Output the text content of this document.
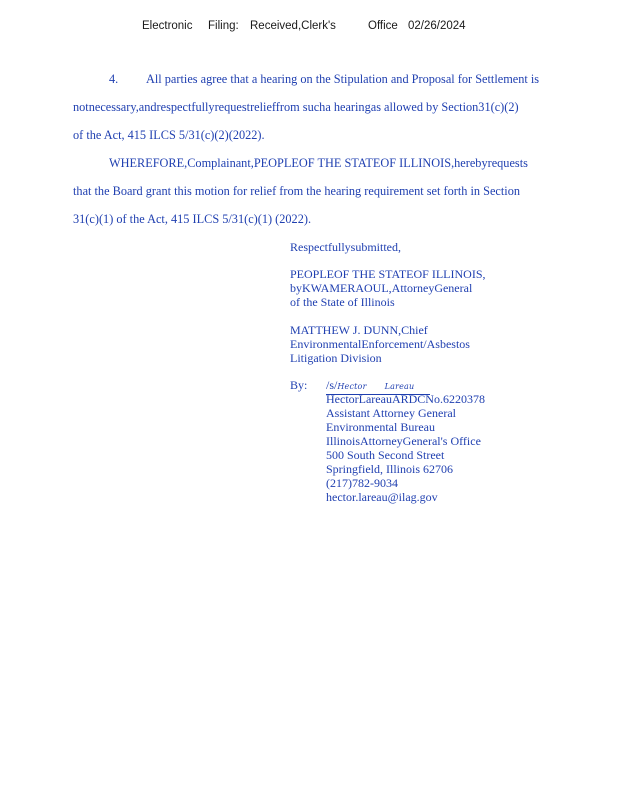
Electronic Filing: Received,Clerk's	Office 02/26/2024
4. All parties agree that a hearing on the Stipulation and Proposal for Settlement is
notnecessary,andrespectfullyrequestrelieffrom sucha hearingas allowed by Section31(c)(2)
of the Act, 415 ILCS 5/31(c)(2)(2022).
WHEREFORE,Complainant,PEOPLEOF THE STATEOF ILLINOIS,herebyrequests
that the Board grant this motion for relief from the hearing requirement set forth in Section
31(c)(1) of the Act, 415 ILCS 5/31(c)(1) (2022).
Respectfullysubmitted,
PEOPLEOF THE STATEOF ILLINOIS,
byKWAMERAOUL,AttorneyGeneral
of the State of Illinois
MATTHEW J. DUNN,Chief
EnvironmentalEnforcement/Asbestos
Litigation Division
By: /s/Hector Lareau
HectorLareauARDCNo.6220378
Assistant Attorney General
Environmental Bureau
IllinoisAttorneyGeneral's Office
500 South Second Street
Springfield, Illinois 62706
(217)782-9034
hector.lareau@ilag.gov
